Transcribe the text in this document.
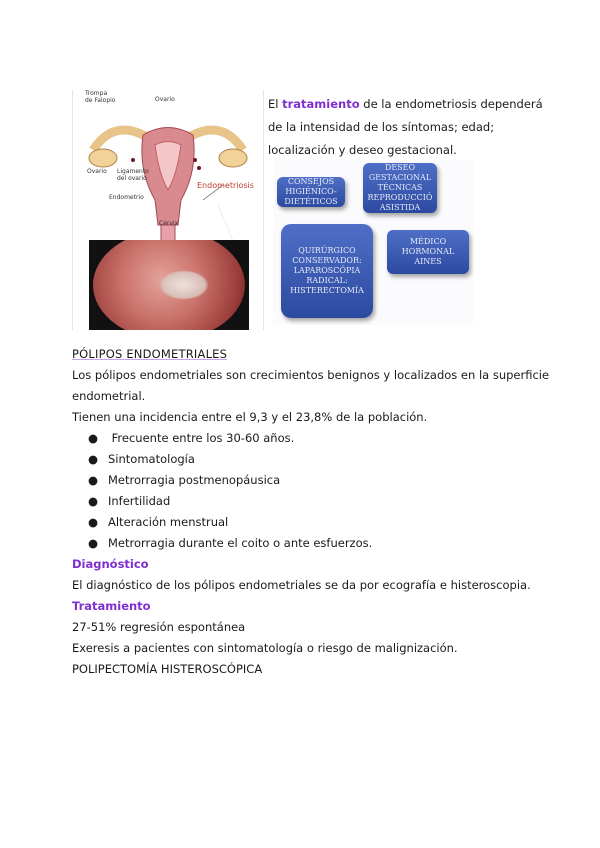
Trompa
de Falopio	Ovario
Ovario Ligamento
del ovario
Endometrio
Endometriosis
Cérvix
El tratamiento de la endometriosis dependerá
de la intensidad de los síntomas; edad;
localización y deseo gestacional.
CONSEJOS
HIGIÉNICO-
DIETÉTICOS
DESEO
GESTACIONAL
TÉCNICAS
REPRODUCCIÓ
ASISTIDA
QUIRÚRGICO
CONSERVADOR:
LAPAROSCÓPIA
RADICAL:
HISTERECTOMÍA
MÉDICO HORMONAL
AINES
PÓLIPOS ENDOMETRIALES
Los pólipos endometriales son crecimientos benignos y localizados en la superficie
endometrial.
Tienen una incidencia entre el 9,3 y el 23,8% de la población.
● Frecuente entre los 30-60 años.
● Sintomatología
● Metrorragia postmenopáusica
● Infertilidad
● Alteración menstrual
● Metrorragia durante el coito o ante esfuerzos.
Diagnóstico
El diagnóstico de los pólipos endometriales se da por ecografía e histeroscopia.
Tratamiento
27-51% regresión espontánea
Exeresis a pacientes con sintomatología o riesgo de malignización.
POLIPECTOMÍA HISTEROSCÓPICA
